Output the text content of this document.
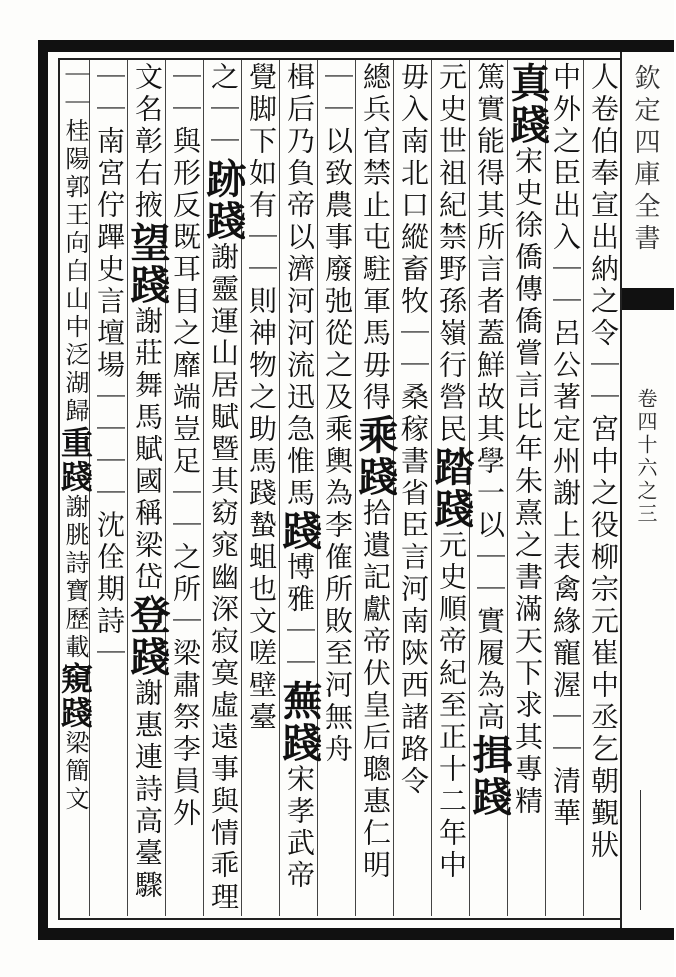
欽定四庫全書
卷四十六之三
人卷伯奉宣出納之令｜｜宮中之役柳宗元崔中丞乞朝覲狀
中外之臣出入｜｜呂公著定州謝上表禽緣寵渥｜｜清華
真踐宋史徐僑傳僑嘗言比年朱熹之書滿天下求其專精
篤實能得其所言者蓋鮮故其學一以｜｜實履為高揖踐
元史世祖紀禁野孫嶺行營民踏踐元史順帝紀至正十二年中
毋入南北口縱畜牧｜｜桑稼書省臣言河南陝西諸路令
總兵官禁止屯駐軍馬毋得乘踐拾遺記獻帝伏皇后聰惠仁明
｜｜以致農事廢弛從之及乘輿為李傕所敗至河無舟
楫后乃負帝以濟河河流迅急惟馬踐博雅｜｜蕪踐宋孝武帝
覺脚下如有｜｜則神物之助馬踐蟄蛆也文嗟壁臺
之｜｜跡踐謝靈運山居賦暨其窈窕幽深寂寞虛遠事與情乖理
｜｜與形反既耳目之靡端豈足｜｜之所｜梁肅祭李員外
文名彰右掖望踐謝莊舞馬賦國稱梁岱登踐謝惠連詩高臺驟
｜｜南宮佇蹕史言壇場｜｜｜｜沈佺期詩｜
｜｜桂陽郭王向白山中泛湖歸重踐謝朓詩寶歷載窺踐梁簡文
